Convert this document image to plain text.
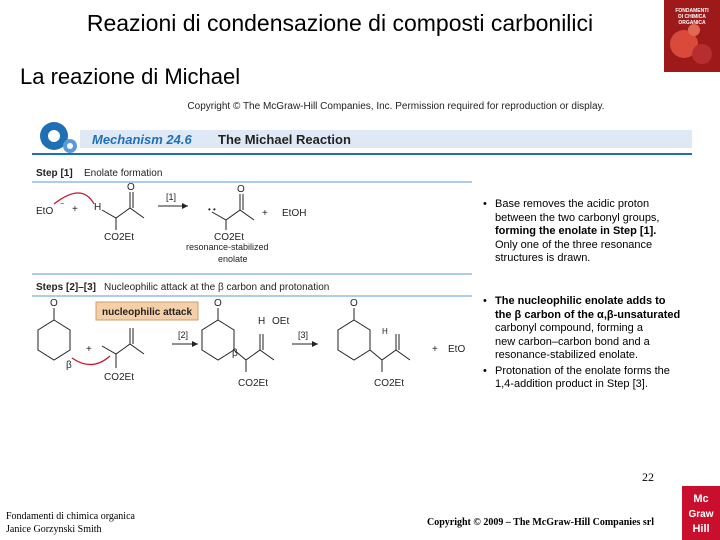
Reazioni di condensazione di composti carbonilici
La reazione di Michael
FONDAMENTI
DI CHIMICA
ORGANICA
Copyright © The McGraw-Hill Companies, Inc. Permission required for reproduction or display.
Mechanism 24.6 The Michael Reaction
Step [1] Enolate formation
EtO
− + H
O
CO2Et
[1]
O
CO2Et
• •	+ EtOH
resonance-stabilized
enolate
Steps [2]–[3] Nucleophilic attack at the β carbon and protonation
nucleophilic attack
O
β
+
CO2Et
H OEt
[2]
O
β
CO2Et
[3]
O
H
CO2Et
+ EtO
• Base removes the acidic proton
between the two carbonyl groups,
forming the enolate in Step [1].
Only one of the three resonance
structures is drawn.
• The nucleophilic enolate adds to
the β carbon of the α,β-unsaturated
carbonyl compound, forming a
new carbon–carbon bond and a
resonance-stabilized enolate.
• Protonation of the enolate forms the
1,4-addition product in Step [3].
Fondamenti di chimica organica
Janice Gorzynski Smith
22
Copyright © 2009 – The McGraw-Hill Companies srl
Mc
Graw
Hill
